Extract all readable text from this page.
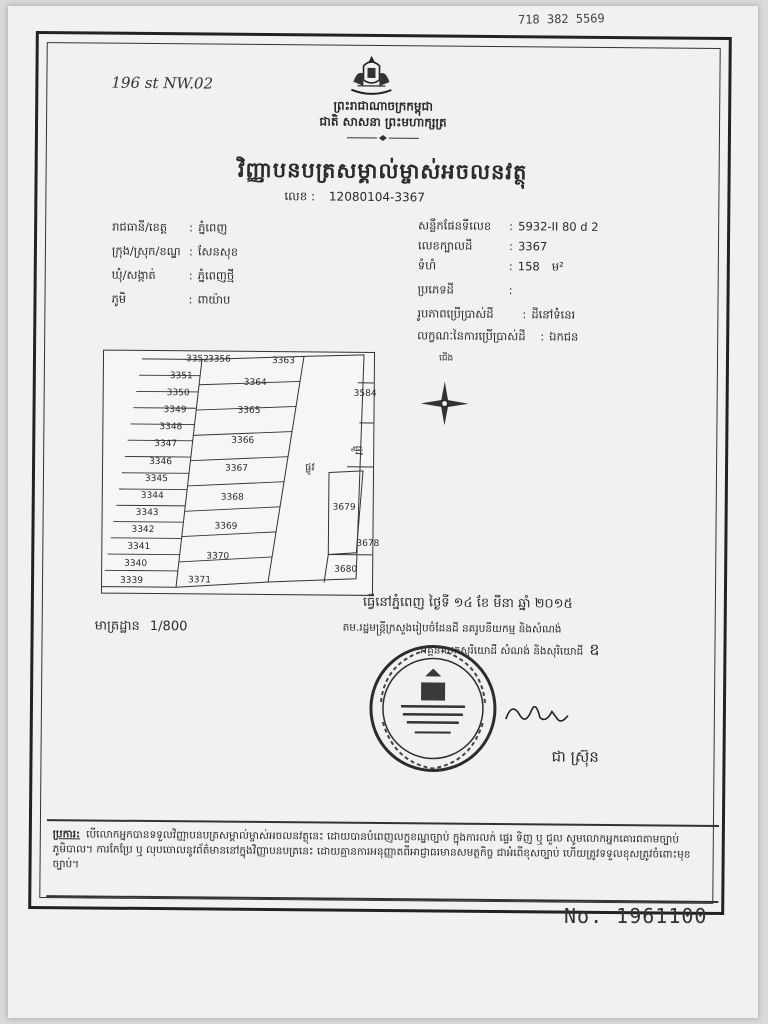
718 382 5569
196 st NW.02
ព្រះរាជាណាចក្រកម្ពុជា
ជាតិ សាសនា ព្រះមហាក្សត្រ
វិញ្ញាបនបត្រសម្គាល់ម្ចាស់អចលនវត្ថុ
លេខ : 12080104-3367
រាជធានី/ខេត្ត : ភ្នំពេញ
ក្រុង/ស្រុក/ខណ្ឌ : សែនសុខ
ឃុំ/សង្កាត់	: ភ្នំពេញថ្មី
ភូមិ	: ពាយ៉ាប
សន្លឹកផែនទីលេខ : 5932-II 80 d 2
លេខក្បាលដី	: 3367
ទំហំ	: 158 ម²
ប្រភេទដី	:
រូបភាពប្រើប្រាស់ដី : ដីនៅទំនេរ
លក្ខណៈនៃការប្រើប្រាស់ដី : ឯកជន
3352 3356
3351
3350
3349
3348
3347
3346
3345
3344
3343
3342
3341
3340
3339
3363
3364
3365
3366
3367
3368
3369
3370
3371
3584
3679
3678
3680
ផ្លូវ
ផ្លូវ
ជើង
មាត្រដ្ឋាន 1/800
ធ្វើនៅភ្នំពេញ ថ្ងៃទី ១៤ ខែ មីនា ឆ្នាំ ២០១៥
តម.រដ្ឋមន្ត្រីក្រសួងរៀបចំដែនដី នគរូបនីយកម្ម និងសំណង់
អគ្គនាយកសុរិយោដី សំណង់ និងសុរិយោដី ឧ
ជា ស្រ៊ុន
ប្រការ: បើលោកអ្នកបានទទួលវិញ្ញាបនបត្រសម្គាល់ម្ចាស់អចលនវត្ថុនេះ ដោយបានបំពេញលក្ខខណ្ឌច្បាប់ ក្នុងការលក់ ផ្ទេរ ទិញ ឬ ជួល សូមលោកអ្នកគោរពតាមច្បាប់ភូមិបាល។ ការកែប្រែ ឬ លុបចោលនូវព័ត៌មាននៅក្នុងវិញ្ញាបនបត្រនេះ ដោយគ្មានការអនុញ្ញាតពីអាជ្ញាធរមានសមត្ថកិច្ច ជាអំពើខុសច្បាប់ ហើយត្រូវទទួលខុសត្រូវចំពោះមុខច្បាប់។
No. 1961100
